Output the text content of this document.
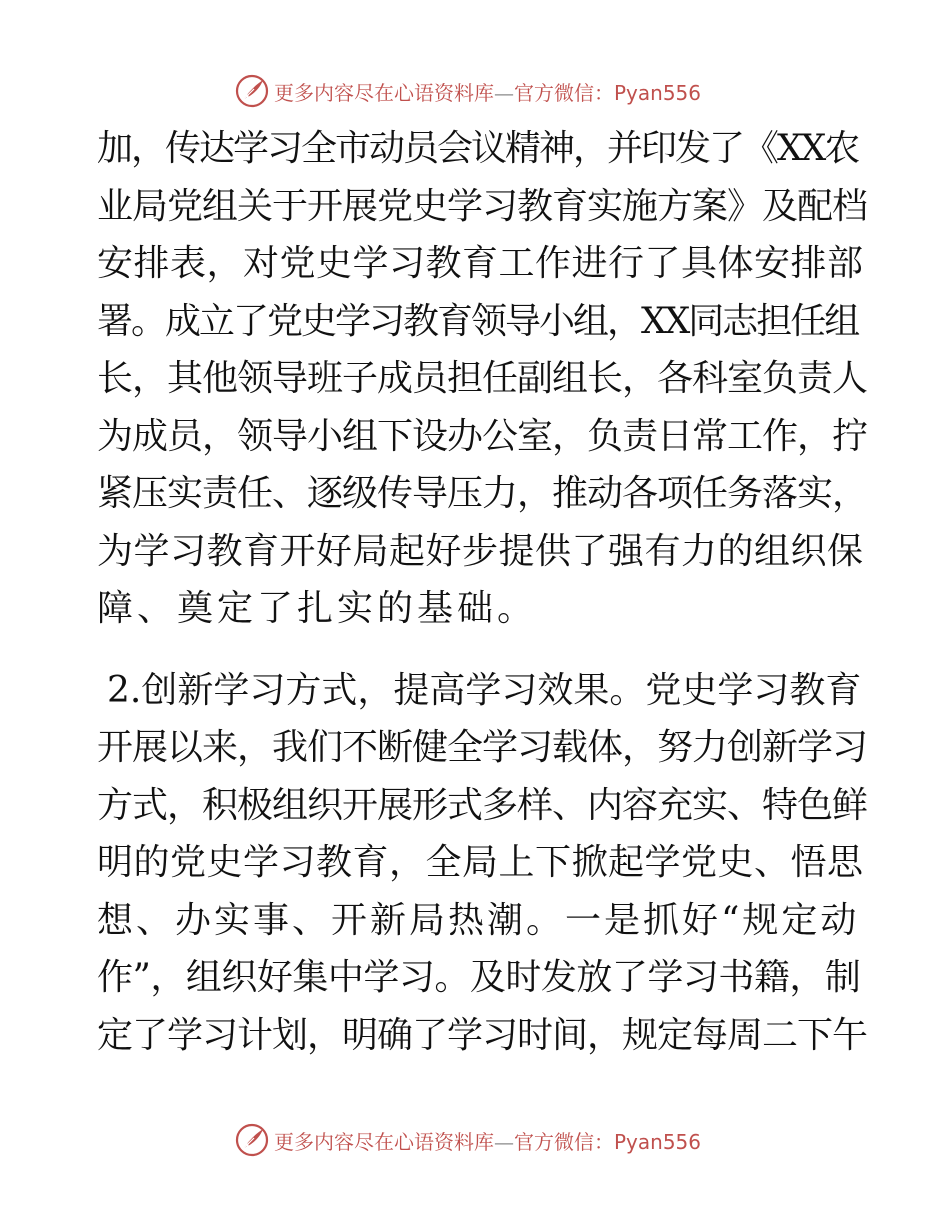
更多内容尽在心语资料库—官方微信：Pyan556
加，传达学习全市动员会议精神，并印发了《XX农
业局党组关于开展党史学习教育实施方案》及配档
安排表，对党史学习教育工作进行了具体安排部
署。成立了党史学习教育领导小组，XX同志担任组
长，其他领导班子成员担任副组长，各科室负责人
为成员，领导小组下设办公室，负责日常工作，拧
紧压实责任、逐级传导压力，推动各项任务落实，
为学习教育开好局起好步提供了强有力的组织保
障、奠定了扎实的基础。
2.创新学习方式，提高学习效果。党史学习教育
开展以来，我们不断健全学习载体，努力创新学习
方式，积极组织开展形式多样、内容充实、特色鲜
明的党史学习教育，全局上下掀起学党史、悟思
想、办实事、开新局热潮。一是抓好“规定动
作”，组织好集中学习。及时发放了学习书籍，制
定了学习计划，明确了学习时间，规定每周二下午
更多内容尽在心语资料库—官方微信：Pyan556
